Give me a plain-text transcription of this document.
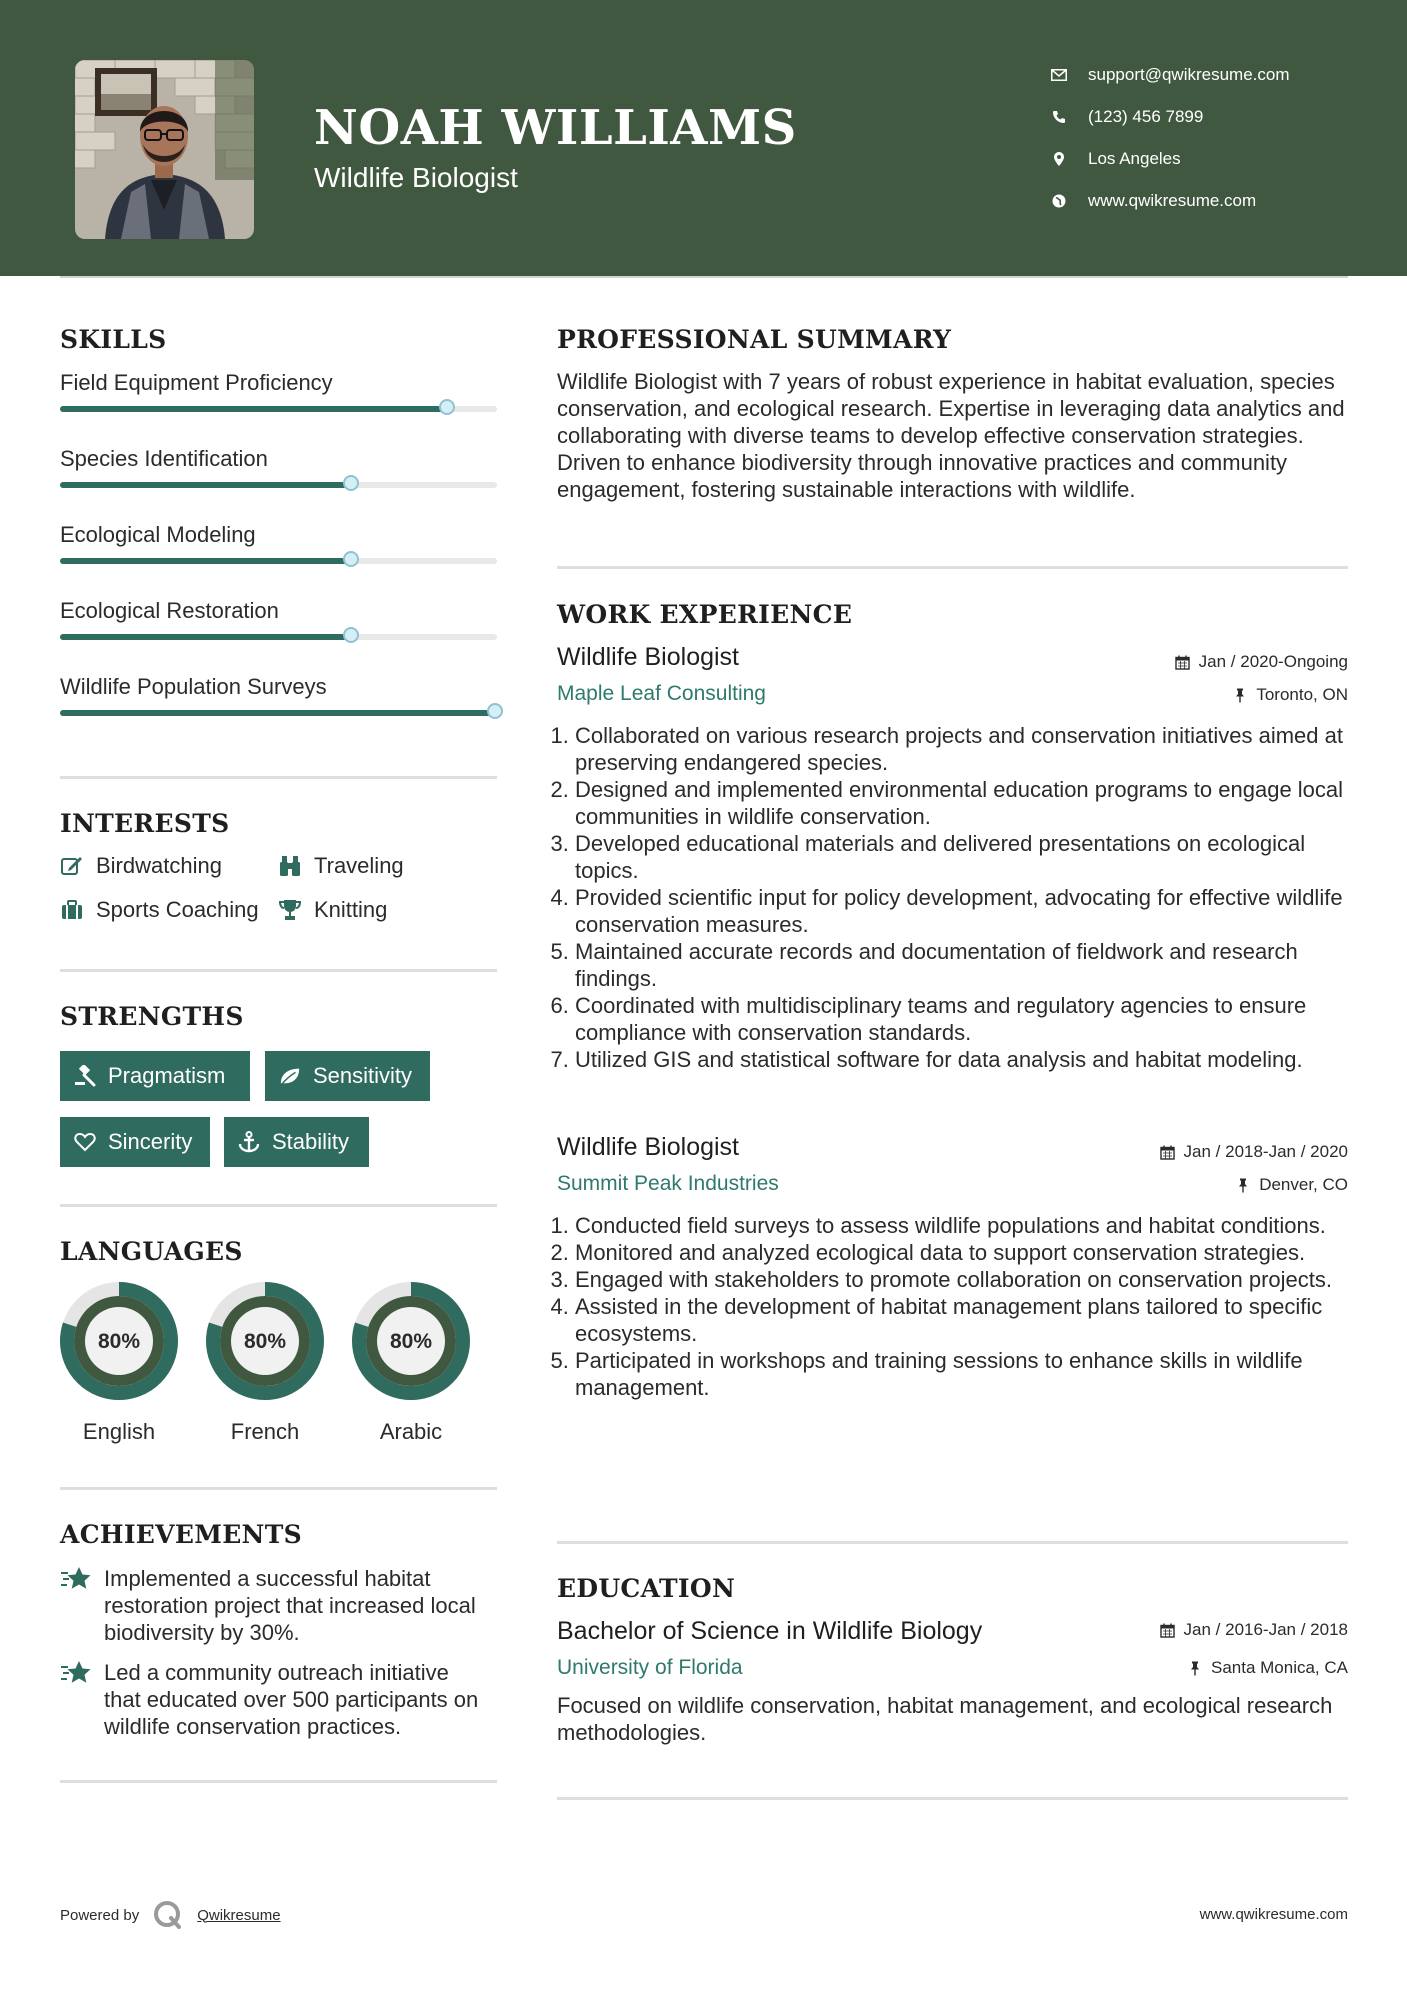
NOAH WILLIAMS
Wildlife Biologist
support@qwikresume.com
(123) 456 7899
Los Angeles
www.qwikresume.com
SKILLS
Field Equipment Proficiency
Species Identification
Ecological Modeling
Ecological Restoration
Wildlife Population Surveys
INTERESTS
Birdwatching	Traveling
Sports Coaching	Knitting
STRENGTHS
Pragmatism	Sensitivity
Sincerity	Stability
LANGUAGES
80%
English
80%
French
80%
Arabic
ACHIEVEMENTS
Implemented a successful habitat restoration project that increased local biodiversity by 30%.
Led a community outreach initiative that educated over 500 participants on wildlife conservation practices.
PROFESSIONAL SUMMARY
Wildlife Biologist with 7 years of robust experience in habitat evaluation, species conservation, and ecological research. Expertise in leveraging data analytics and collaborating with diverse teams to develop effective conservation strategies. Driven to enhance biodiversity through innovative practices and community engagement, fostering sustainable interactions with wildlife.
WORK EXPERIENCE
Wildlife Biologist	Jan / 2020-Ongoing
Maple Leaf Consulting	Toronto, ON
1. Collaborated on various research projects and conservation initiatives aimed at preserving endangered species.
2. Designed and implemented environmental education programs to engage local communities in wildlife conservation.
3. Developed educational materials and delivered presentations on ecological topics.
4. Provided scientific input for policy development, advocating for effective wildlife conservation measures.
5. Maintained accurate records and documentation of fieldwork and research findings.
6. Coordinated with multidisciplinary teams and regulatory agencies to ensure compliance with conservation standards.
7. Utilized GIS and statistical software for data analysis and habitat modeling.
Wildlife Biologist	Jan / 2018-Jan / 2020
Summit Peak Industries	Denver, CO
1. Conducted field surveys to assess wildlife populations and habitat conditions.
2. Monitored and analyzed ecological data to support conservation strategies.
3. Engaged with stakeholders to promote collaboration on conservation projects.
4. Assisted in the development of habitat management plans tailored to specific ecosystems.
5. Participated in workshops and training sessions to enhance skills in wildlife management.
EDUCATION
Bachelor of Science in Wildlife Biology	Jan / 2016-Jan / 2018
University of Florida	Santa Monica, CA
Focused on wildlife conservation, habitat management, and ecological research methodologies.
Powered by	Qwikresume	www.qwikresume.com
